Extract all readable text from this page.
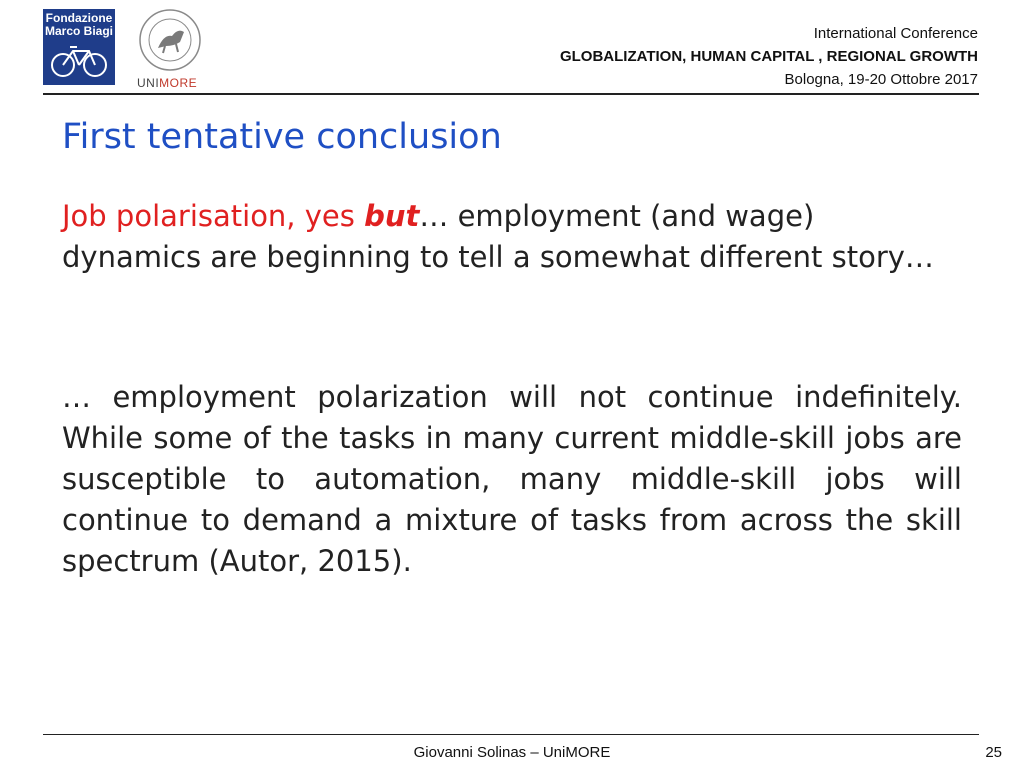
Fondazione
Marco Biagi
UNIMORE
International Conference
GLOBALIZATION, HUMAN CAPITAL , REGIONAL GROWTH
Bologna, 19-20 Ottobre 2017
First tentative conclusion
Job polarisation, yes but… employment (and wage) dynamics are beginning to tell a somewhat different story…
… employment polarization will not continue indefinitely. While some of the tasks in many current middle-skill jobs are susceptible to automation, many middle-skill jobs will continue to demand a mixture of tasks from across the skill spectrum (Autor, 2015).
Giovanni Solinas – UniMORE	25
